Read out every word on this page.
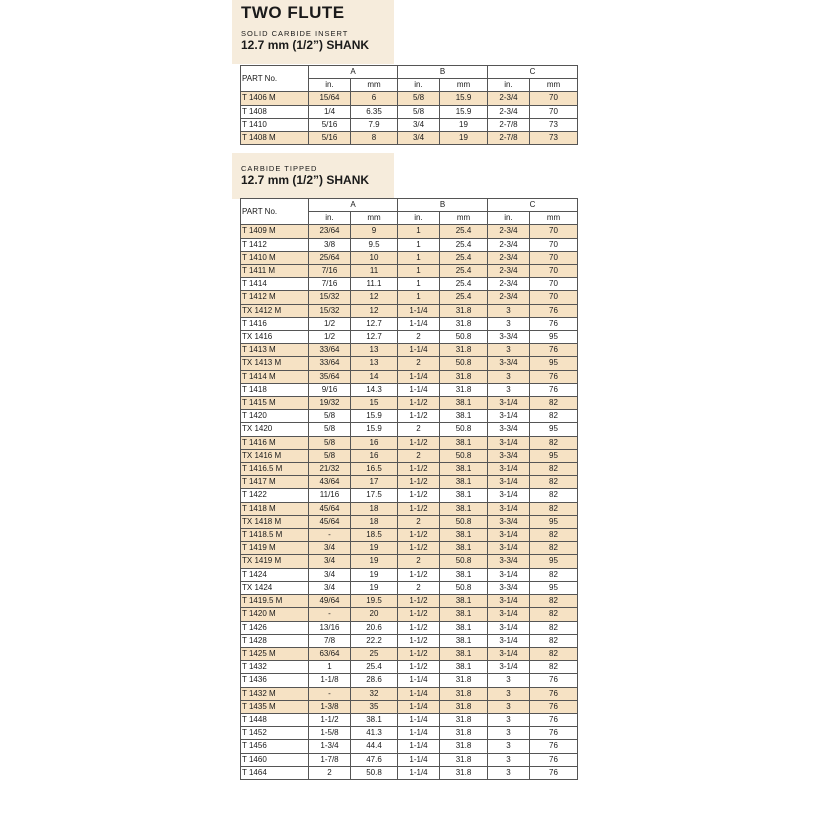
TWO FLUTE

SOLID CARBIDE INSERT

12.7 mm (1/2”) SHANK

PART No.	A		B		C	
	in.	mm	in.	mm	in.	mm
T 1406 M	15/64	6	5/8	15.9	2-3/4	70
T 1408	1/4	6.35	5/8	15.9	2-3/4	70
T 1410	5/16	7.9	3/4	19	2-7/8	73
T 1408 M	5/16	8	3/4	19	2-7/8	73

CARBIDE TIPPED

12.7 mm (1/2”) SHANK

PART No.	A		B		C	
	in.	mm	in.	mm	in.	mm
T 1409 M	23/64	9	1	25.4	2-3/4	70
T 1412	3/8	9.5	1	25.4	2-3/4	70
T 1410 M	25/64	10	1	25.4	2-3/4	70
T 1411 M	7/16	11	1	25.4	2-3/4	70
T 1414	7/16	11.1	1	25.4	2-3/4	70
T 1412 M	15/32	12	1	25.4	2-3/4	70
TX 1412 M	15/32	12	1-1/4	31.8	3	76
T 1416	1/2	12.7	1-1/4	31.8	3	76
TX 1416	1/2	12.7	2	50.8	3-3/4	95
T 1413 M	33/64	13	1-1/4	31.8	3	76
TX 1413 M	33/64	13	2	50.8	3-3/4	95
T 1414 M	35/64	14	1-1/4	31.8	3	76
T 1418	9/16	14.3	1-1/4	31.8	3	76
T 1415 M	19/32	15	1-1/2	38.1	3-1/4	82
T 1420	5/8	15.9	1-1/2	38.1	3-1/4	82
TX 1420	5/8	15.9	2	50.8	3-3/4	95
T 1416 M	5/8	16	1-1/2	38.1	3-1/4	82
TX 1416 M	5/8	16	2	50.8	3-3/4	95
T 1416.5 M	21/32	16.5	1-1/2	38.1	3-1/4	82
T 1417 M	43/64	17	1-1/2	38.1	3-1/4	82
T 1422	11/16	17.5	1-1/2	38.1	3-1/4	82
T 1418 M	45/64	18	1-1/2	38.1	3-1/4	82
TX 1418 M	45/64	18	2	50.8	3-3/4	95
T 1418.5 M	-	18.5	1-1/2	38.1	3-1/4	82
T 1419 M	3/4	19	1-1/2	38.1	3-1/4	82
TX 1419 M	3/4	19	2	50.8	3-3/4	95
T 1424	3/4	19	1-1/2	38.1	3-1/4	82
TX 1424	3/4	19	2	50.8	3-3/4	95
T 1419.5 M	49/64	19.5	1-1/2	38.1	3-1/4	82
T 1420 M	-	20	1-1/2	38.1	3-1/4	82
T 1426	13/16	20.6	1-1/2	38.1	3-1/4	82
T 1428	7/8	22.2	1-1/2	38.1	3-1/4	82
T 1425 M	63/64	25	1-1/2	38.1	3-1/4	82
T 1432	1	25.4	1-1/2	38.1	3-1/4	82
T 1436	1-1/8	28.6	1-1/4	31.8	3	76
T 1432 M	-	32	1-1/4	31.8	3	76
T 1435 M	1-3/8	35	1-1/4	31.8	3	76
T 1448	1-1/2	38.1	1-1/4	31.8	3	76
T 1452	1-5/8	41.3	1-1/4	31.8	3	76
T 1456	1-3/4	44.4	1-1/4	31.8	3	76
T 1460	1-7/8	47.6	1-1/4	31.8	3	76
T 1464	2	50.8	1-1/4	31.8	3	76
